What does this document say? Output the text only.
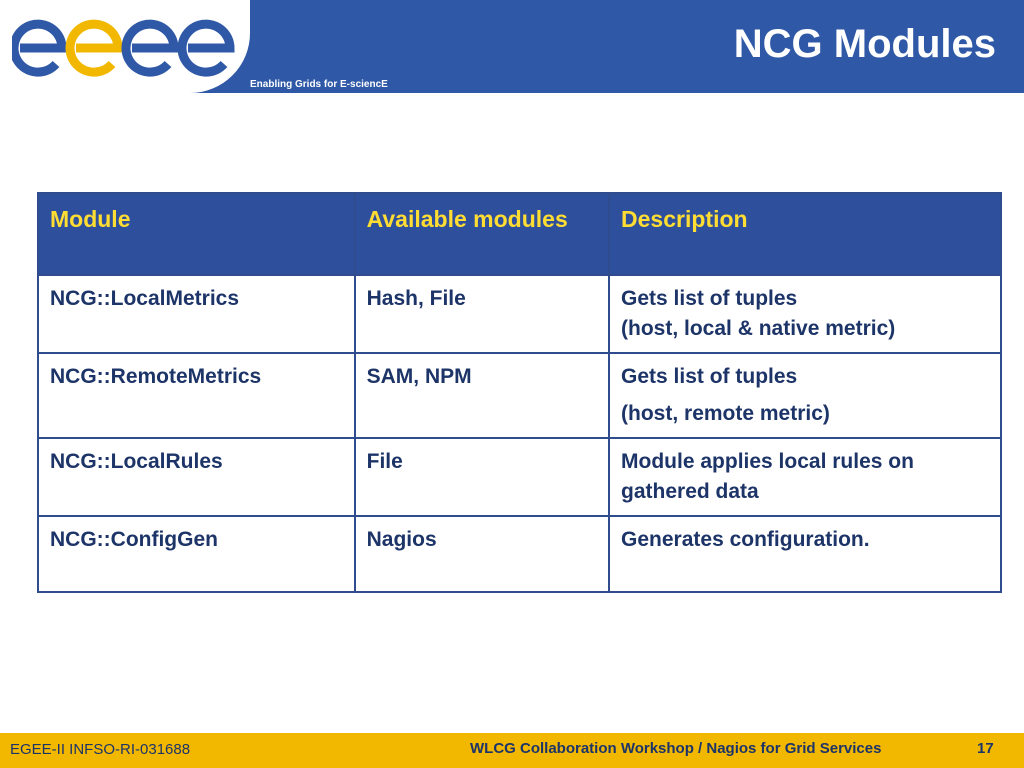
egee
Enabling Grids for E-sciencE
NCG Modules
Module	Available modules	Description
NCG::LocalMetrics	Hash, File	Gets list of tuples
(host, local & native metric)

NCG::RemoteMetrics	SAM, NPM	Gets list of tuples
(host, remote metric)

NCG::LocalRules	File	Module applies local rules on gathered data

NCG::ConfigGen	Nagios	Generates configuration.
EGEE-II INFSO-RI-031688	WLCG Collaboration Workshop / Nagios for Grid Services	17
